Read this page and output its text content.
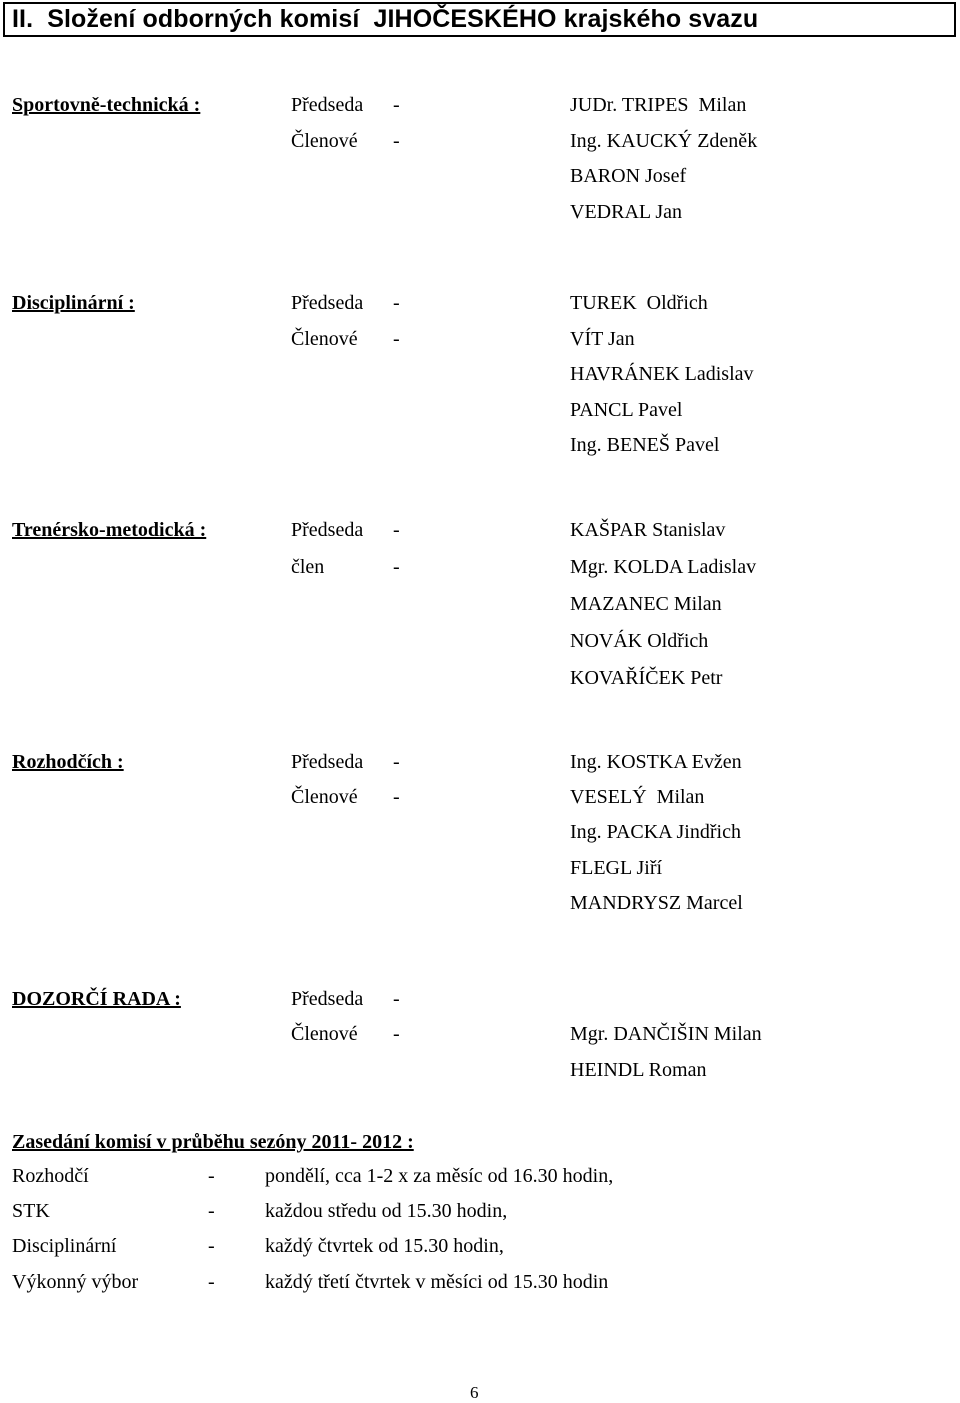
II.  Složení odborných komisí  JIHOČESKÉHO krajského svazu
Sportovně-technická :	Předseda -	JUDr. TRIPES  Milan
Členové -	Ing. KAUCKÝ Zdeněk
BARON Josef
VEDRAL Jan
Disciplinární :	Předseda -	TUREK  Oldřich
Členové -	VÍT Jan
HAVRÁNEK Ladislav
PANCL Pavel
Ing. BENEŠ Pavel
Trenérsko-metodická :	Předseda -	KAŠPAR Stanislav
člen	-	Mgr. KOLDA Ladislav
MAZANEC Milan
NOVÁK Oldřich
KOVAŘÍČEK Petr
Rozhodčích :	Předseda -	Ing. KOSTKA Evžen
Členové -	VESELÝ  Milan
Ing. PACKA Jindřich
FLEGL Jiří
MANDRYSZ Marcel
DOZORČÍ RADA :	Předseda -
Členové -	Mgr. DANČIŠIN Milan
HEINDL Roman
Zasedání komisí v průběhu sezóny 2011- 2012 :
Rozhodčí	-	pondělí, cca 1-2 x za měsíc od 16.30 hodin,
STK	-	každou středu od 15.30 hodin,
Disciplinární	-	každý čtvrtek od 15.30 hodin,
Výkonný výbor	-	každý třetí čtvrtek v měsíci od 15.30 hodin
6
